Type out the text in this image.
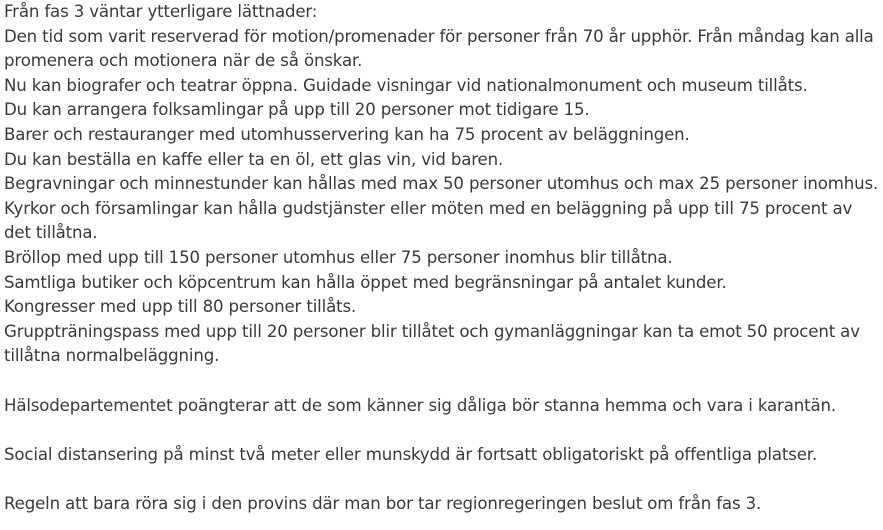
Från fas 3 väntar ytterligare lättnader:

Den tid som varit reserverad för motion/promenader för personer från 70 år upphör. Från måndag kan alla promenera och motionera när de så önskar.

Nu kan biografer och teatrar öppna. Guidade visningar vid nationalmonument och museum tillåts.

Du kan arrangera folksamlingar på upp till 20 personer mot tidigare 15.

Barer och restauranger med utomhusservering kan ha 75 procent av beläggningen.

Du kan beställa en kaffe eller ta en öl, ett glas vin, vid baren.

Begravningar och minnestunder kan hållas med max 50 personer utomhus och max 25 personer inomhus.

Kyrkor och församlingar kan hålla gudstjänster eller möten med en beläggning på upp till 75 procent av det tillåtna.

Bröllop med upp till 150 personer utomhus eller 75 personer inomhus blir tillåtna.

Samtliga butiker och köpcentrum kan hålla öppet med begränsningar på antalet kunder.

Kongresser med upp till 80 personer tillåts.

Gruppträningspass med upp till 20 personer blir tillåtet och gymanläggningar kan ta emot 50 procent av tillåtna normalbeläggning.

Hälsodepartementet poängterar att de som känner sig dåliga bör stanna hemma och vara i karantän.

Social distansering på minst två meter eller munskydd är fortsatt obligatoriskt på offentliga platser.

Regeln att bara röra sig i den provins där man bor tar regionregeringen beslut om från fas 3.
